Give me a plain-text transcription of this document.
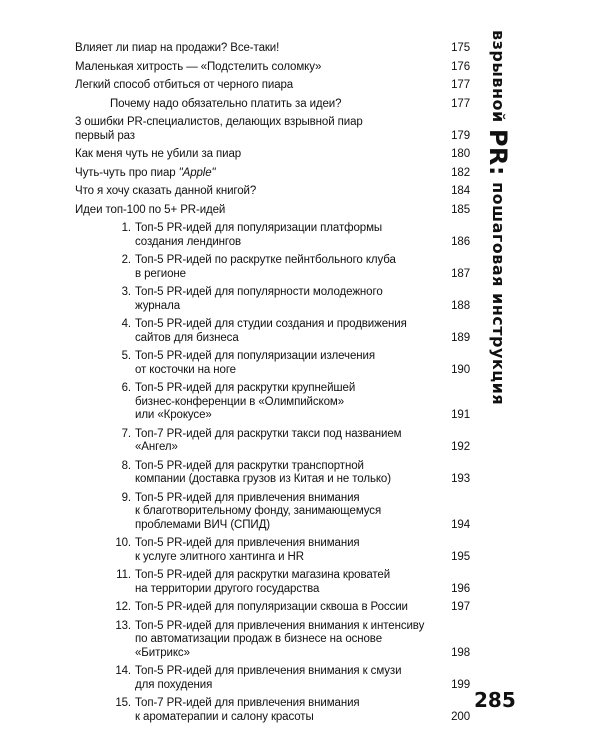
Влияет ли пиар на продажи? Все-таки!	175
Маленькая хитрость — «Подстелить соломку»	176
Легкий способ отбиться от черного пиара	177
Почему надо обязательно платить за идеи?	177
3 ошибки PR-специалистов, делающих взрывной пиар
первый раз	179
Как меня чуть не убили за пиар	180
Чуть-чуть про пиар "Apple"	182
Что я хочу сказать данной книгой?	184
Идеи топ-100 по 5+ PR-идей	185
1. Топ-5 PR-идей для популяризации платформы
создания лендингов	186
2. Топ-5 PR-идей по раскрутке пейнтбольного клуба
в регионе	187
3. Топ-5 PR-идей для популярности молодежного
журнала	188
4. Топ-5 PR-идей для студии создания и продвижения
сайтов для бизнеса	189
5. Топ-5 PR-идей для популяризации излечения
от косточки на ноге	190
6. Топ-5 PR-идей для раскрутки крупнейшей
бизнес-конференции в «Олимпийском»
или «Крокусе»	191
7. Топ-7 PR-идей для раскрутки такси под названием
«Ангел»	192
8. Топ-5 PR-идей для раскрутки транспортной
компании (доставка грузов из Китая и не только)	193
9. Топ-5 PR-идей для привлечения внимания
к благотворительному фонду, занимающемуся
проблемами ВИЧ (СПИД)	194
10. Топ-5 PR-идей для привлечения внимания
к услуге элитного хантинга и HR	195
11. Топ-5 PR-идей для раскрутки магазина кроватей
на территории другого государства	196
12. Топ-5 PR-идей для популяризации сквоша в России	197
13. Топ-5 PR-идей для привлечения внимания к интенсиву
по автоматизации продаж в бизнесе на основе
«Битрикс»	198
14. Топ-5 PR-идей для привлечения внимания к смузи
для похудения	199
15. Топ-7 PR-идей для привлечения внимания
к ароматерапии и салону красоты	200
взрывной PR: пошаговая инструкция
285
